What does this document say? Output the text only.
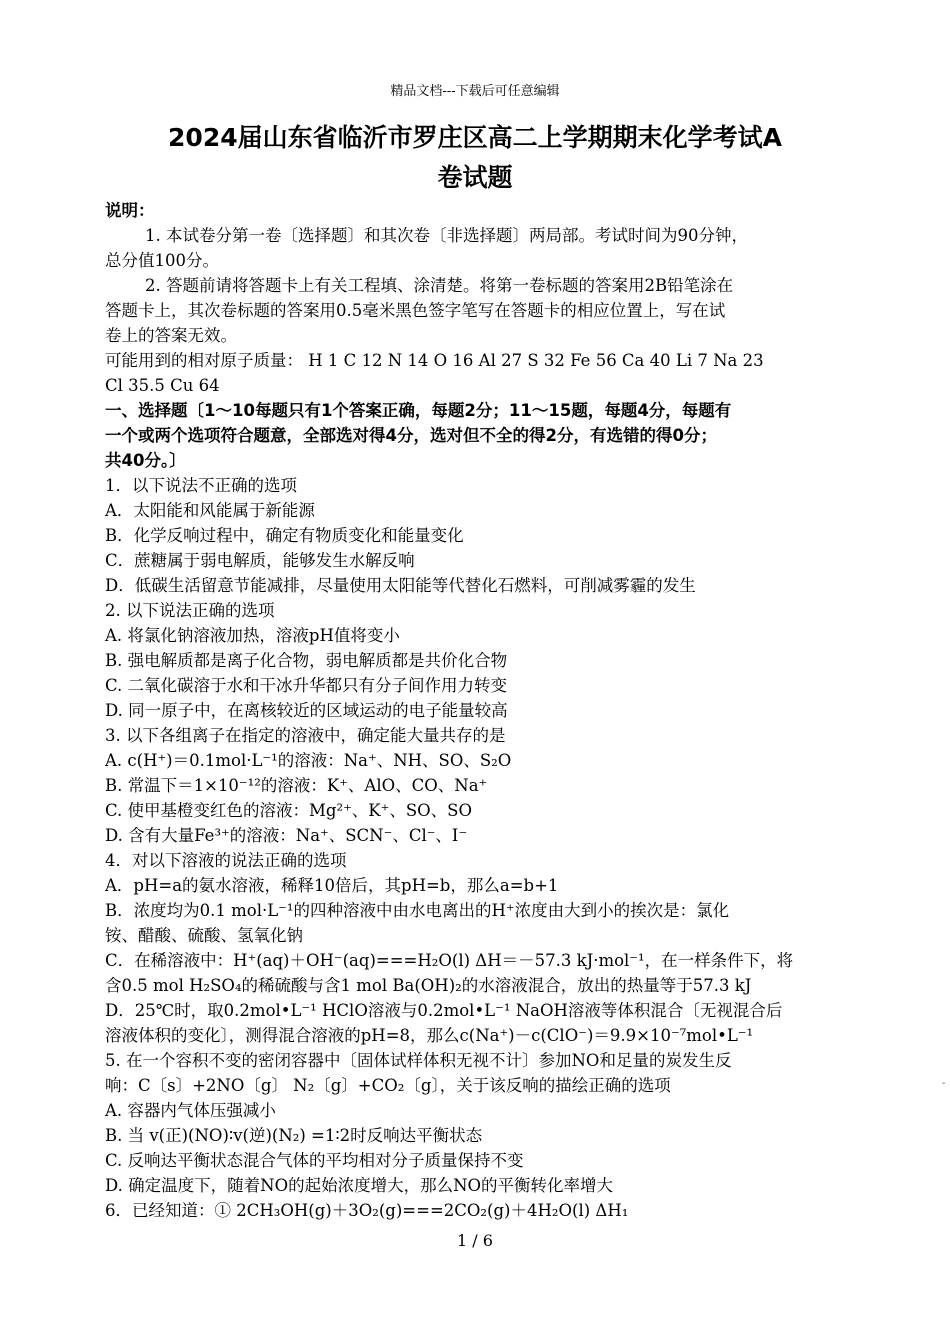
精品文档---下载后可任意编辑
2024届山东省临沂市罗庄区高二上学期期末化学考试A
卷试题
说明：
1. 本试卷分第一卷〔选择题〕和其次卷〔非选择题〕两局部。考试时间为90分钟，
总分值100分。
2. 答题前请将答题卡上有关工程填、涂清楚。将第一卷标题的答案用2B铅笔涂在
答题卡上，其次卷标题的答案用0.5毫米黑色签字笔写在答题卡的相应位置上，写在试
卷上的答案无效。
可能用到的相对原子质量： H 1 C 12 N 14 O 16 Al 27 S 32 Fe 56 Ca 40 Li 7 Na 23
Cl 35.5 Cu 64
一、选择题〔1～10每题只有1个答案正确，每题2分；11～15题，每题4分，每题有
一个或两个选项符合题意，全部选对得4分，选对但不全的得2分，有选错的得0分；
共40分。〕
1．以下说法不正确的选项
A．太阳能和风能属于新能源
B．化学反响过程中，确定有物质变化和能量变化
C．蔗糖属于弱电解质，能够发生水解反响
D．低碳生活留意节能减排，尽量使用太阳能等代替化石燃料，可削减雾霾的发生
2. 以下说法正确的选项
A. 将氯化钠溶液加热，溶液pH值将变小
B. 强电解质都是离子化合物，弱电解质都是共价化合物
C. 二氧化碳溶于水和干冰升华都只有分子间作用力转变
D. 同一原子中，在离核较近的区域运动的电子能量较高
3. 以下各组离子在指定的溶液中，确定能大量共存的是
A. c(H⁺)＝0.1mol·L⁻¹的溶液：Na⁺、NH、SO、S₂O
B. 常温下＝1×10⁻¹²的溶液：K⁺、AlO、CO、Na⁺
C. 使甲基橙变红色的溶液：Mg²⁺、K⁺、SO、SO
D. 含有大量Fe³⁺的溶液：Na⁺、SCN⁻、Cl⁻、I⁻
4．对以下溶液的说法正确的选项
A．pH=a的氨水溶液，稀释10倍后，其pH=b，那么a=b+1
B．浓度均为0.1 mol·L⁻¹的四种溶液中由水电离出的H⁺浓度由大到小的挨次是：氯化
铵、醋酸、硫酸、氢氧化钠
C．在稀溶液中：H⁺(aq)＋OH⁻(aq)===H₂O(l) ΔH＝－57.3 kJ·mol⁻¹，在一样条件下，将
含0.5 mol H₂SO₄的稀硫酸与含1 mol Ba(OH)₂的水溶液混合，放出的热量等于57.3 kJ
D．25℃时，取0.2mol•L⁻¹ HClO溶液与0.2mol•L⁻¹ NaOH溶液等体积混合〔无视混合后
溶液体积的变化〕，测得混合溶液的pH=8，那么c(Na⁺)－c(ClO⁻)＝9.9×10⁻⁷mol•L⁻¹
5. 在一个容积不变的密闭容器中〔固体试样体积无视不计〕参加NO和足量的炭发生反
响：C〔s〕+2NO〔g〕 N₂〔g〕+CO₂〔g〕，关于该反响的描绘正确的选项
A. 容器内气体压强减小
B. 当 v(正)(NO)∶v(逆)(N₂) =1∶2时反响达平衡状态
C. 反响达平衡状态混合气体的平均相对分子质量保持不变
D. 确定温度下，随着NO的起始浓度增大，那么NO的平衡转化率增大
6．已经知道：① 2CH₃OH(g)＋3O₂(g)===2CO₂(g)＋4H₂O(l) ΔH₁
-
1 / 6
